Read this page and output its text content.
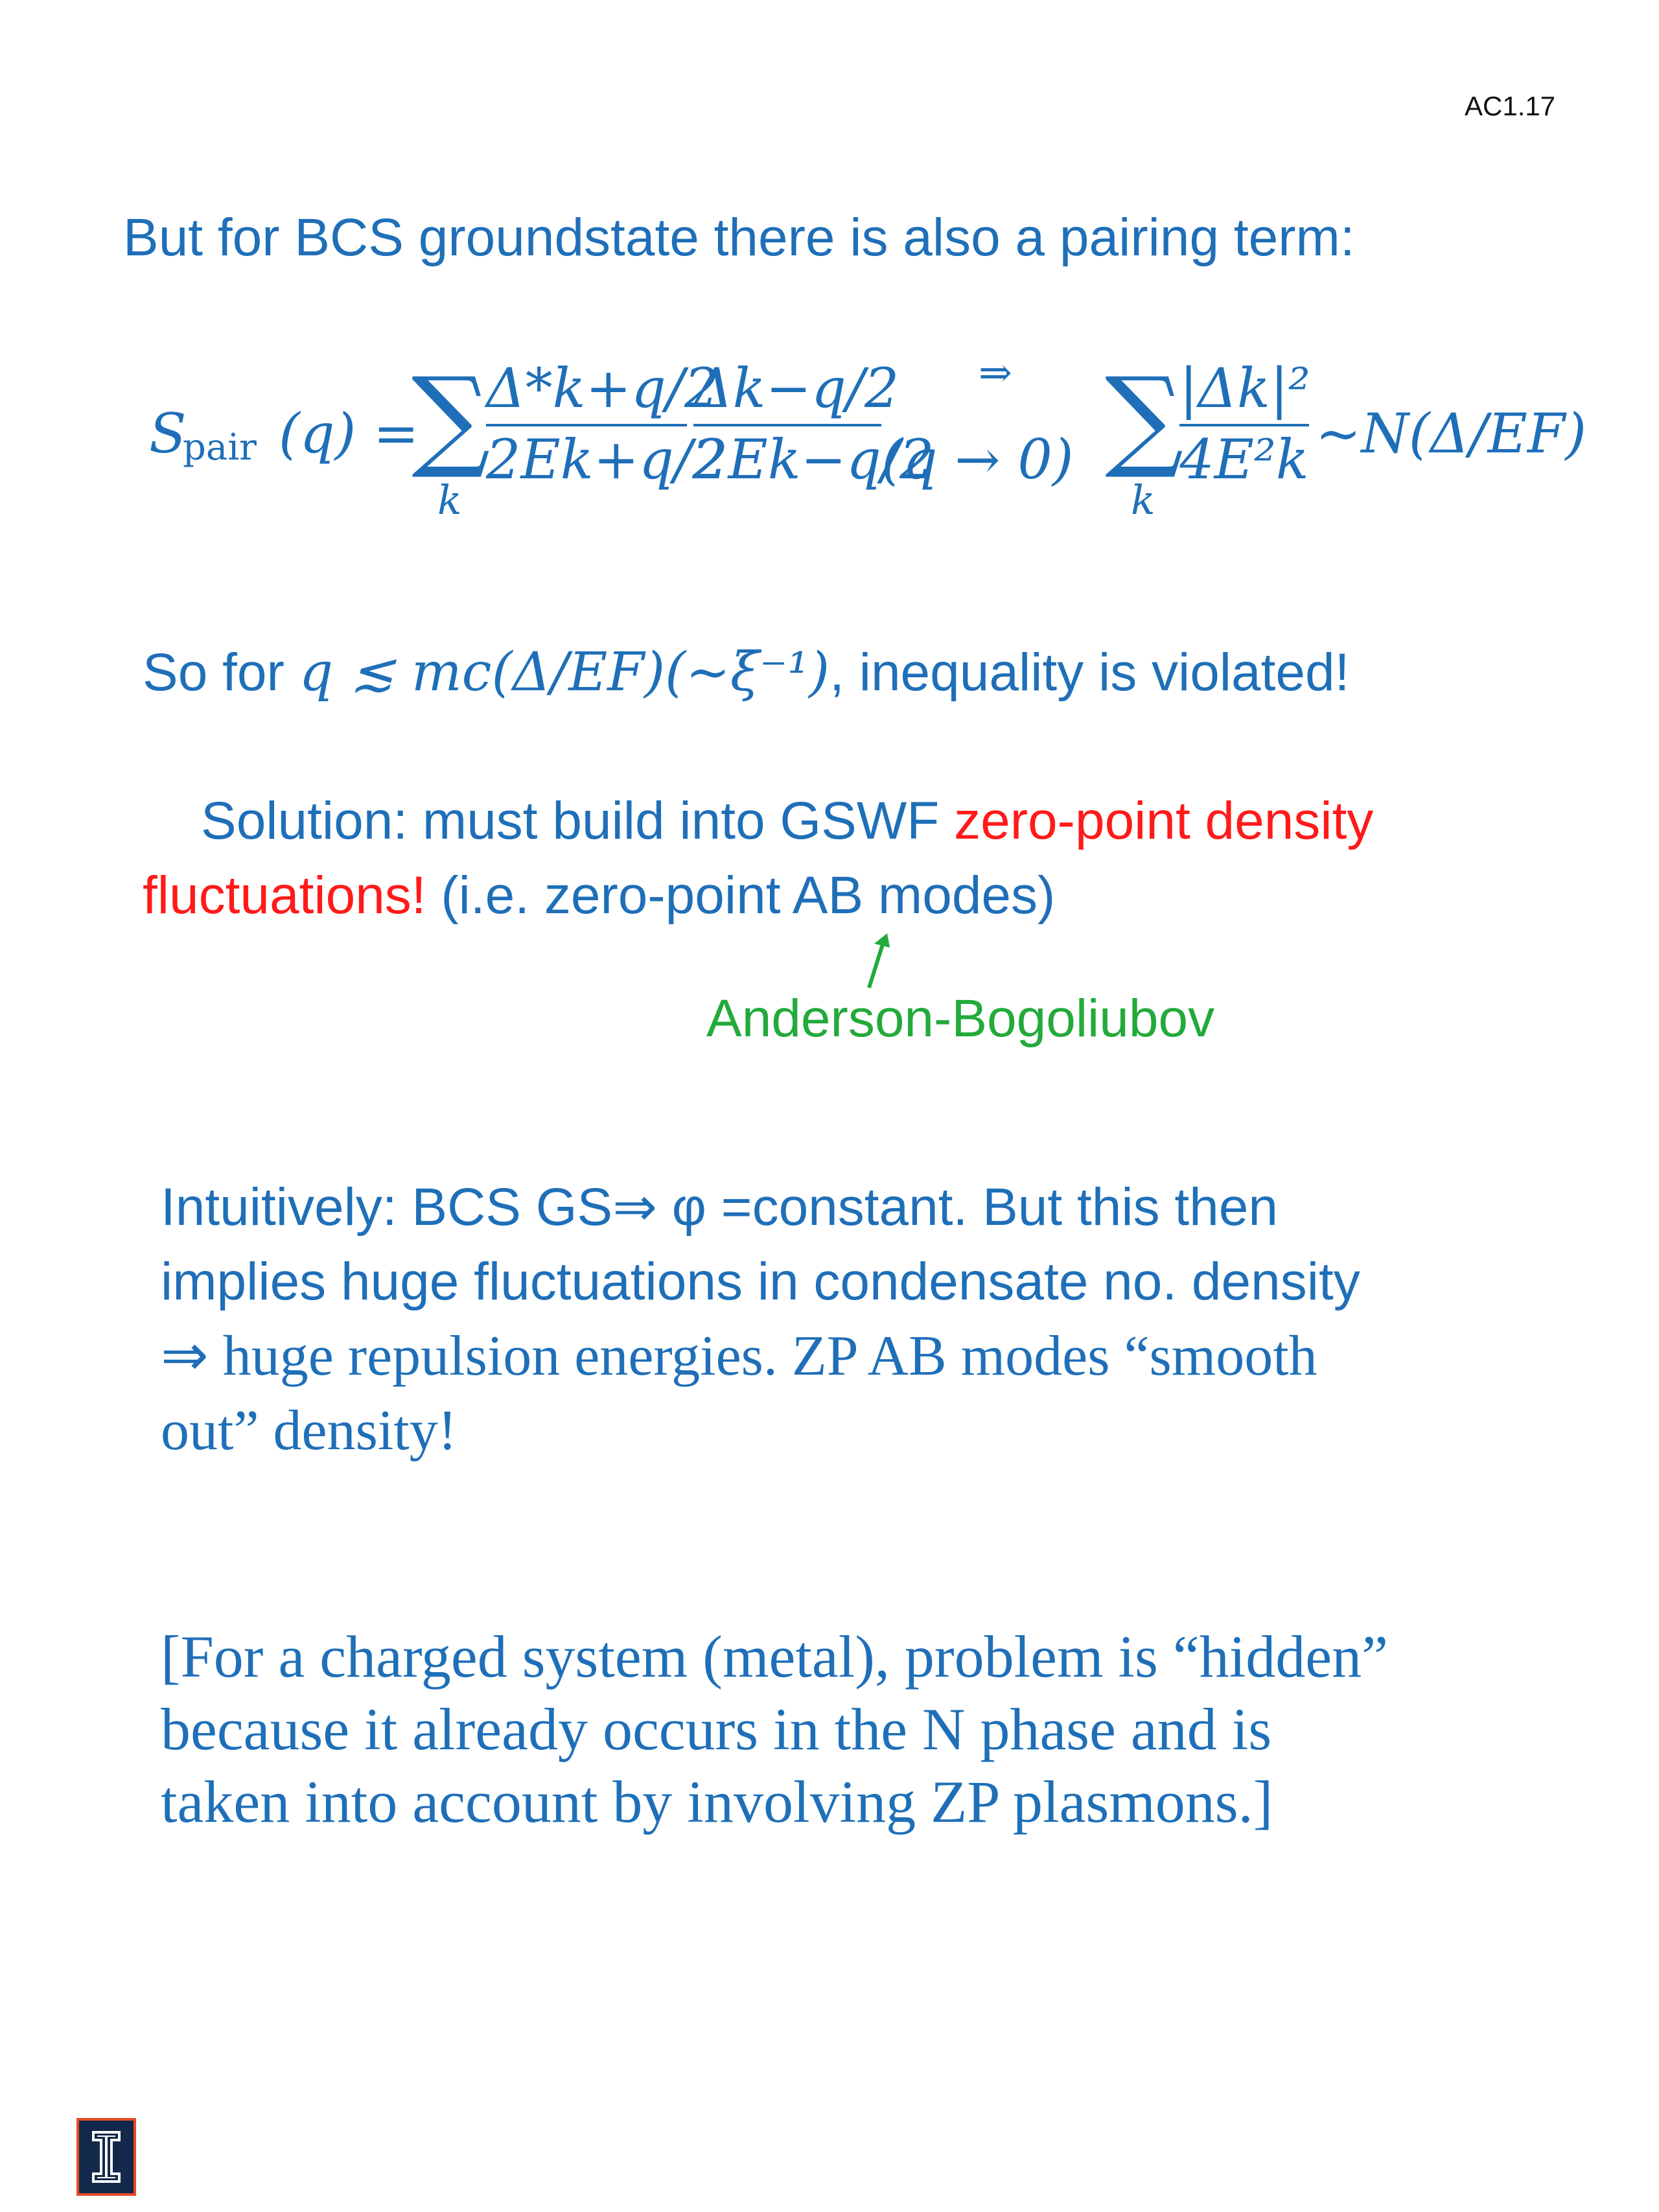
AC1.17
But for BCS groundstate there is also a pairing term:
S
pair (q) =
∑
k
$\frac{\Delta*k+q/2}{2Ek+q/2} \frac{\Delta k-q/2}{2Ek-q/2}$ ⇒
(q → 0) ∑
k
$\frac{\text{|Δk|²}}{\text{4E²k}}$ ~N(Δ/EF)
So for q ≲ mc(Δ/EF)(~ξ⁻¹), inequality is violated!
Solution: must build into GSWF zero-point density
fluctuations! (i.e. zero-point AB modes)
Anderson-Bogoliubov
Intuitively: BCS GS⇒ φ =constant. But this then
implies huge fluctuations in condensate no. density
⇒ huge repulsion energies. ZP AB modes “smooth
out” density!
[For a charged system (metal), problem is “hidden”
because it already occurs in the N phase and is
taken into account by involving ZP plasmons.]
